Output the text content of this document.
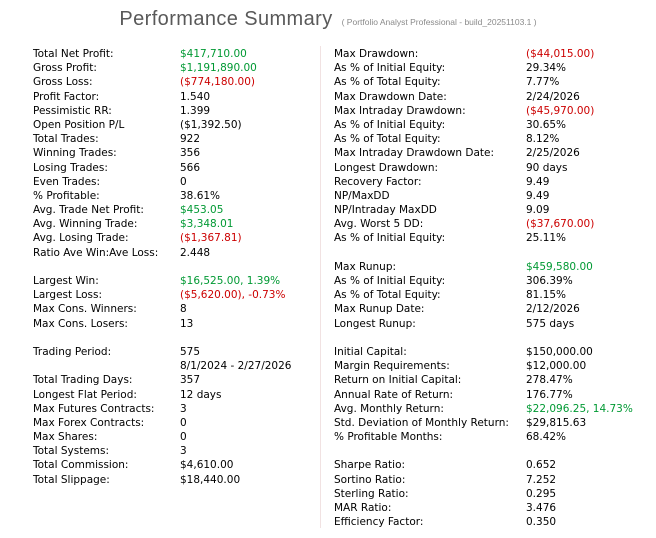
Performance Summary ( Portfolio Analyst Professional - build_20251103.1 )
Total Net Profit:	$417,710.00
Gross Profit:	$1,191,890.00
Gross Loss:	($774,180.00)
Profit Factor:	1.540
Pessimistic RR:	1.399
Open Position P/L	($1,392.50)
Total Trades:	922
Winning Trades:	356
Losing Trades:	566
Even Trades:	0
% Profitable:	38.61%
Avg. Trade Net Profit:	$453.05
Avg. Winning Trade:	$3,348.01
Avg. Losing Trade:	($1,367.81)
Ratio Ave Win:Ave Loss:	2.448
Largest Win:	$16,525.00, 1.39%
Largest Loss:	($5,620.00), -0.73%
Max Cons. Winners:	8
Max Cons. Losers:	13
Trading Period:	575
8/1/2024 - 2/27/2026
Total Trading Days:	357
Longest Flat Period:	12 days
Max Futures Contracts:	3
Max Forex Contracts:	0
Max Shares:	0
Total Systems:	3
Total Commission:	$4,610.00
Total Slippage:	$18,440.00
Max Drawdown:	($44,015.00)
As % of Initial Equity:	29.34%
As % of Total Equity:	7.77%
Max Drawdown Date:	2/24/2026
Max Intraday Drawdown:	($45,970.00)
As % of Initial Equity:	30.65%
As % of Total Equity:	8.12%
Max Intraday Drawdown Date:	2/25/2026
Longest Drawdown:	90 days
Recovery Factor:	9.49
NP/MaxDD	9.49
NP/Intraday MaxDD	9.09
Avg. Worst 5 DD:	($37,670.00)
As % of Initial Equity:	25.11%
Max Runup:	$459,580.00
As % of Initial Equity:	306.39%
As % of Total Equity:	81.15%
Max Runup Date:	2/12/2026
Longest Runup:	575 days
Initial Capital:	$150,000.00
Margin Requirements:	$12,000.00
Return on Initial Capital:	278.47%
Annual Rate of Return:	176.77%
Avg. Monthly Return:	$22,096.25, 14.73%
Std. Deviation of Monthly Return:	$29,815.63
% Profitable Months:	68.42%
Sharpe Ratio:	0.652
Sortino Ratio:	7.252
Sterling Ratio:	0.295
MAR Ratio:	3.476
Efficiency Factor:	0.350
